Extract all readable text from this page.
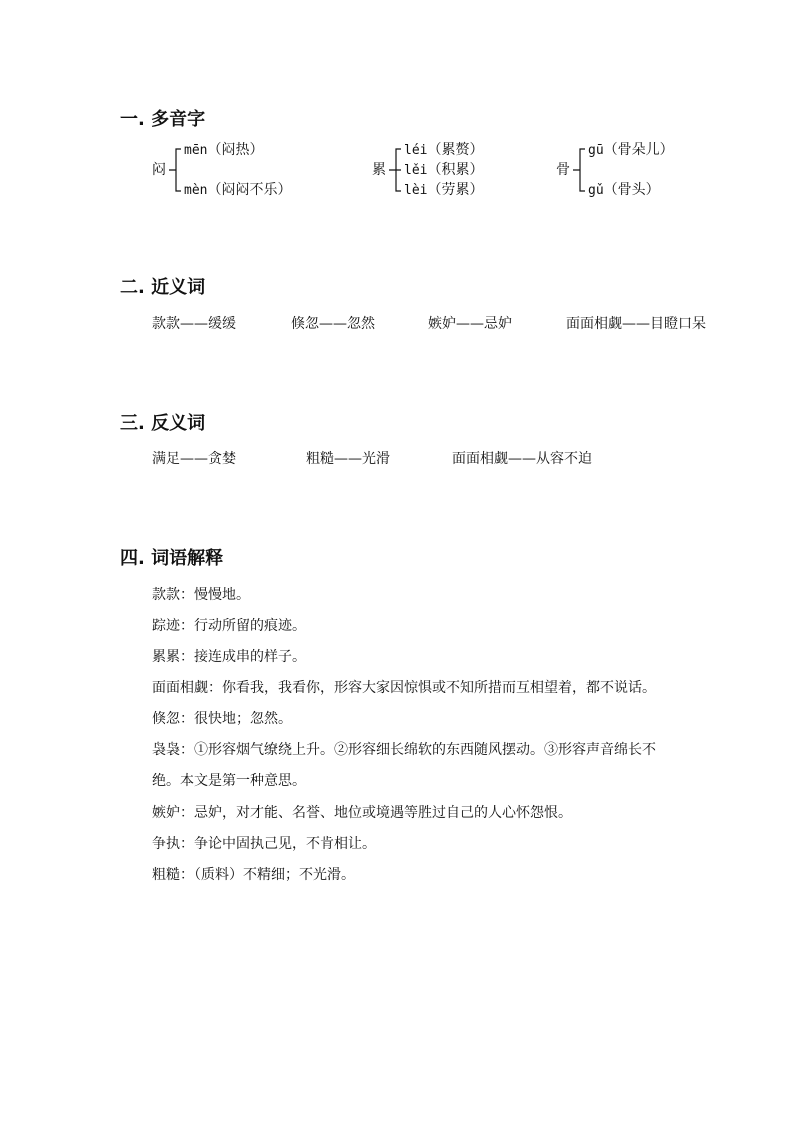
一. 多音字
闷
mēn（闷热）
mèn（闷闷不乐）
累
léi（累赘）
lěi（积累）
lèi（劳累）
骨
gū（骨朵儿）
gǔ（骨头）
二. 近义词
款款——缓缓	倏忽——忽然	嫉妒——忌妒	面面相觑——目瞪口呆
三. 反义词
满足——贪婪	粗糙——光滑	面面相觑——从容不迫
四. 词语解释

款款：慢慢地。

踪迹：行动所留的痕迹。

累累：接连成串的样子。

面面相觑：你看我，我看你，形容大家因惊惧或不知所措而互相望着，都不说话。

倏忽：很快地；忽然。

袅袅：①形容烟气缭绕上升。②形容细长绵软的东西随风摆动。③形容声音绵长不
绝。本文是第一种意思。

嫉妒：忌妒，对才能、名誉、地位或境遇等胜过自己的人心怀怨恨。

争执：争论中固执己见，不肯相让。

粗糙：（质料）不精细；不光滑。
